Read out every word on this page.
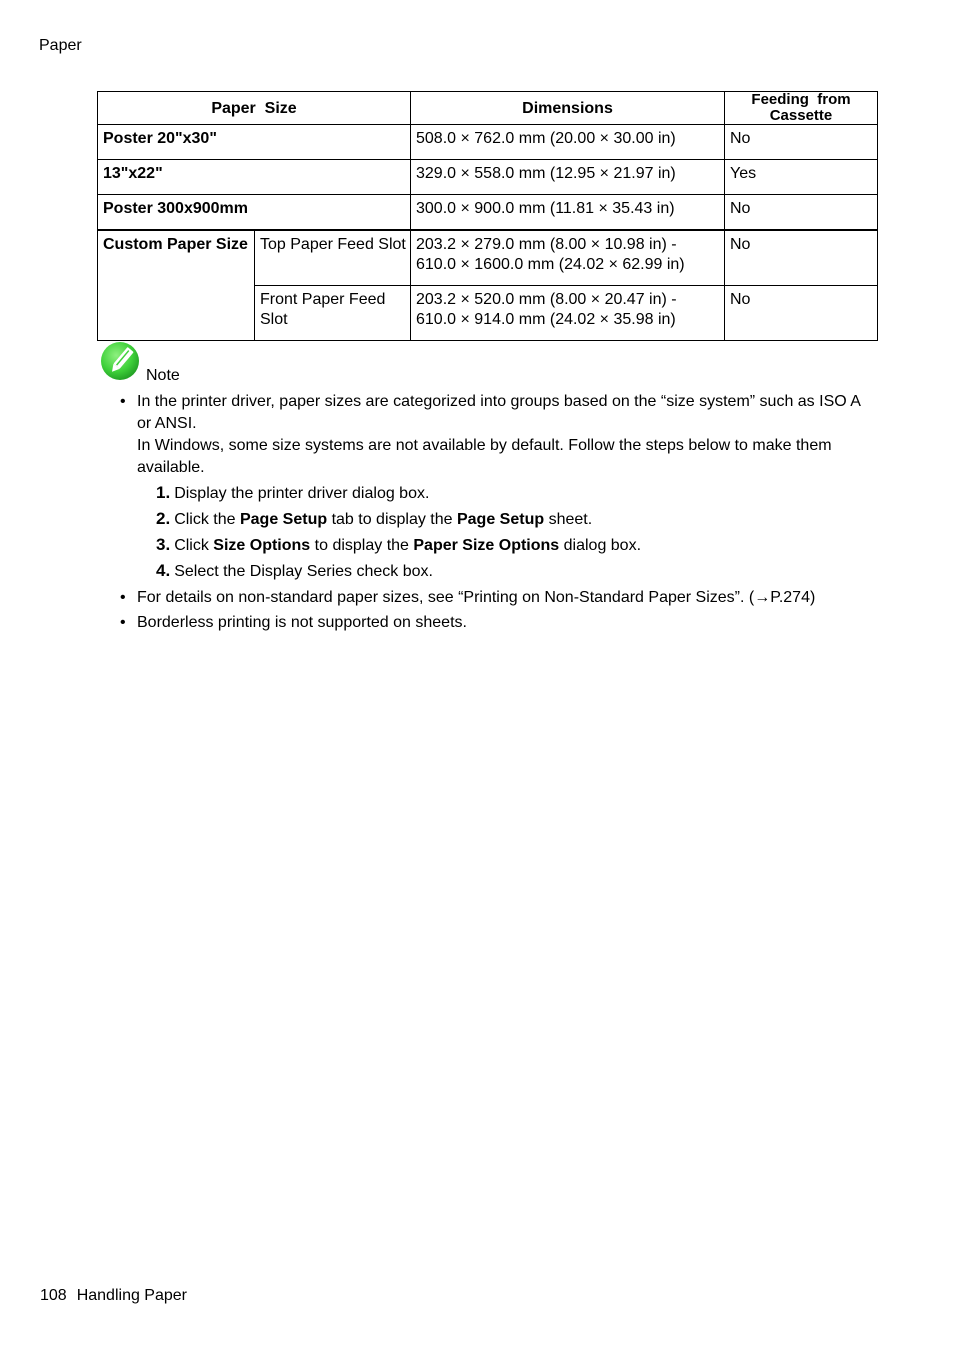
Paper
Paper  Size		Dimensions	Feeding  from Cassette
Poster 20"x30"		508.0 × 762.0 mm (20.00 × 30.00 in)	No
13"x22"		329.0 × 558.0 mm (12.95 × 21.97 in)	Yes
Poster 300x900mm		300.0 × 900.0 mm (11.81 × 35.43 in)	No
Custom Paper Size	Top Paper Feed Slot	203.2 × 279.0 mm (8.00 × 10.98 in) - 610.0 × 1600.0 mm (24.02 × 62.99 in)	No
	Front Paper Feed Slot	203.2 × 520.0 mm (8.00 × 20.47 in) - 610.0 × 914.0 mm (24.02 × 35.98 in)	No
Note
• In the printer driver, paper sizes are categorized into groups based on the “size system” such as ISO A or ANSI.

In Windows, some size systems are not available by default. Follow the steps below to make them available.

1. Display the printer driver dialog box.
2. Click the Page Setup tab to display the Page Setup sheet.
3. Click Size Options to display the Paper Size Options dialog box.
4. Select the Display Series check box.
• For details on non-standard paper sizes, see “Printing on Non-Standard Paper Sizes”. (→P.274)

• Borderless printing is not supported on sheets.

108 Handling Paper
